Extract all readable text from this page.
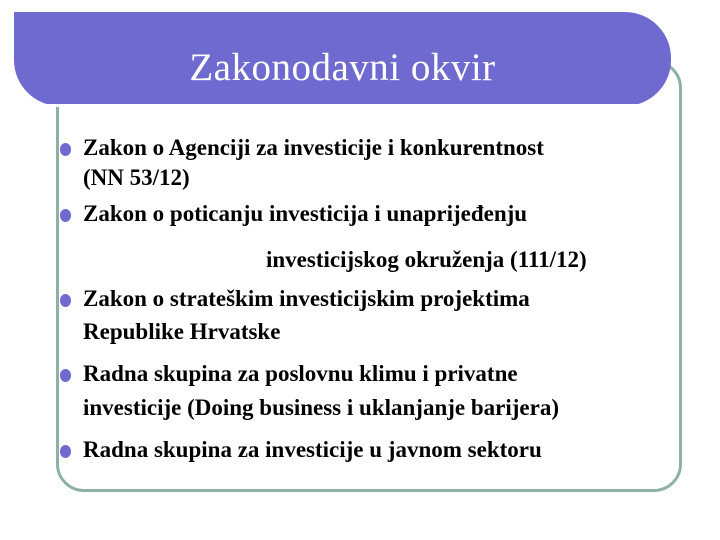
Zakonodavni okvir
Zakon o Agenciji za investicije i konkurentnost
(NN 53/12)
Zakon o poticanju investicija i unaprijeđenju
investicijskog okruženja (111/12)
Zakon o strateškim investicijskim projektima
Republike Hrvatske
Radna skupina za poslovnu klimu i privatne
investicije (Doing business i uklanjanje barijera)
Radna skupina za investicije u javnom sektoru
